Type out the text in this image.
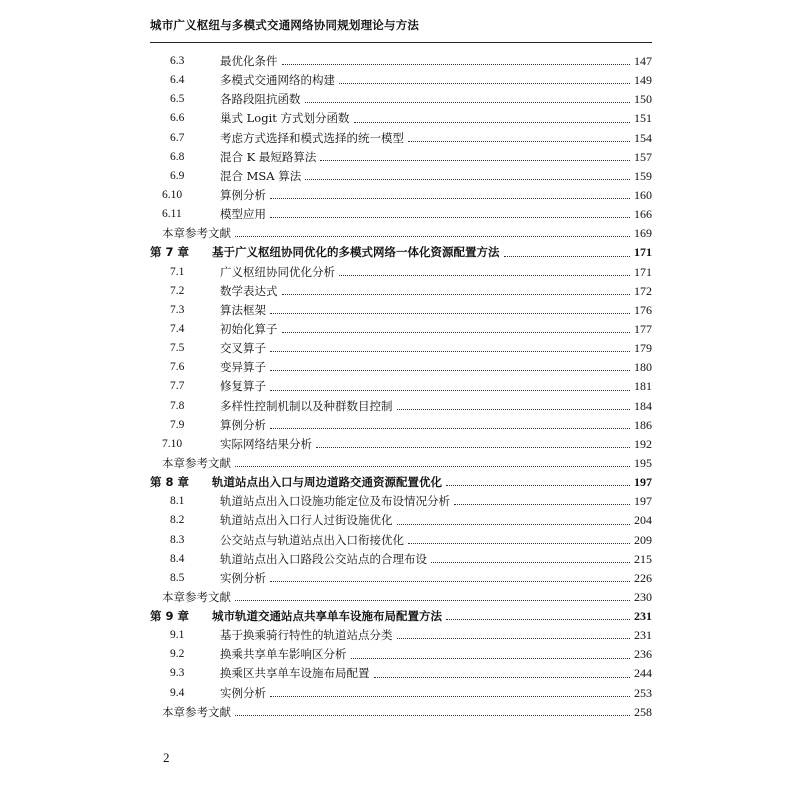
城市广义枢纽与多模式交通网络协同规划理论与方法
6.3	最优化条件	147
6.4	多模式交通网络的构建	149
6.5	各路段阻抗函数	150
6.6	巢式 Logit 方式划分函数	151
6.7	考虑方式选择和模式选择的统一模型	154
6.8	混合 K 最短路算法	157
6.9	混合 MSA 算法	159
6.10	算例分析	160
6.11	模型应用	166
本章参考文献	169
第 7 章	基于广义枢纽协同优化的多模式网络一体化资源配置方法	171
7.1	广义枢纽协同优化分析	171
7.2	数学表达式	172
7.3	算法框架	176
7.4	初始化算子	177
7.5	交叉算子	179
7.6	变异算子	180
7.7	修复算子	181
7.8	多样性控制机制以及种群数目控制	184
7.9	算例分析	186
7.10	实际网络结果分析	192
本章参考文献	195
第 8 章	轨道站点出入口与周边道路交通资源配置优化	197
8.1	轨道站点出入口设施功能定位及布设情况分析	197
8.2	轨道站点出入口行人过街设施优化	204
8.3	公交站点与轨道站点出入口衔接优化	209
8.4	轨道站点出入口路段公交站点的合理布设	215
8.5	实例分析	226
本章参考文献	230
第 9 章	城市轨道交通站点共享单车设施布局配置方法	231
9.1	基于换乘骑行特性的轨道站点分类	231
9.2	换乘共享单车影响区分析	236
9.3	换乘区共享单车设施布局配置	244
9.4	实例分析	253
本章参考文献	258
2
